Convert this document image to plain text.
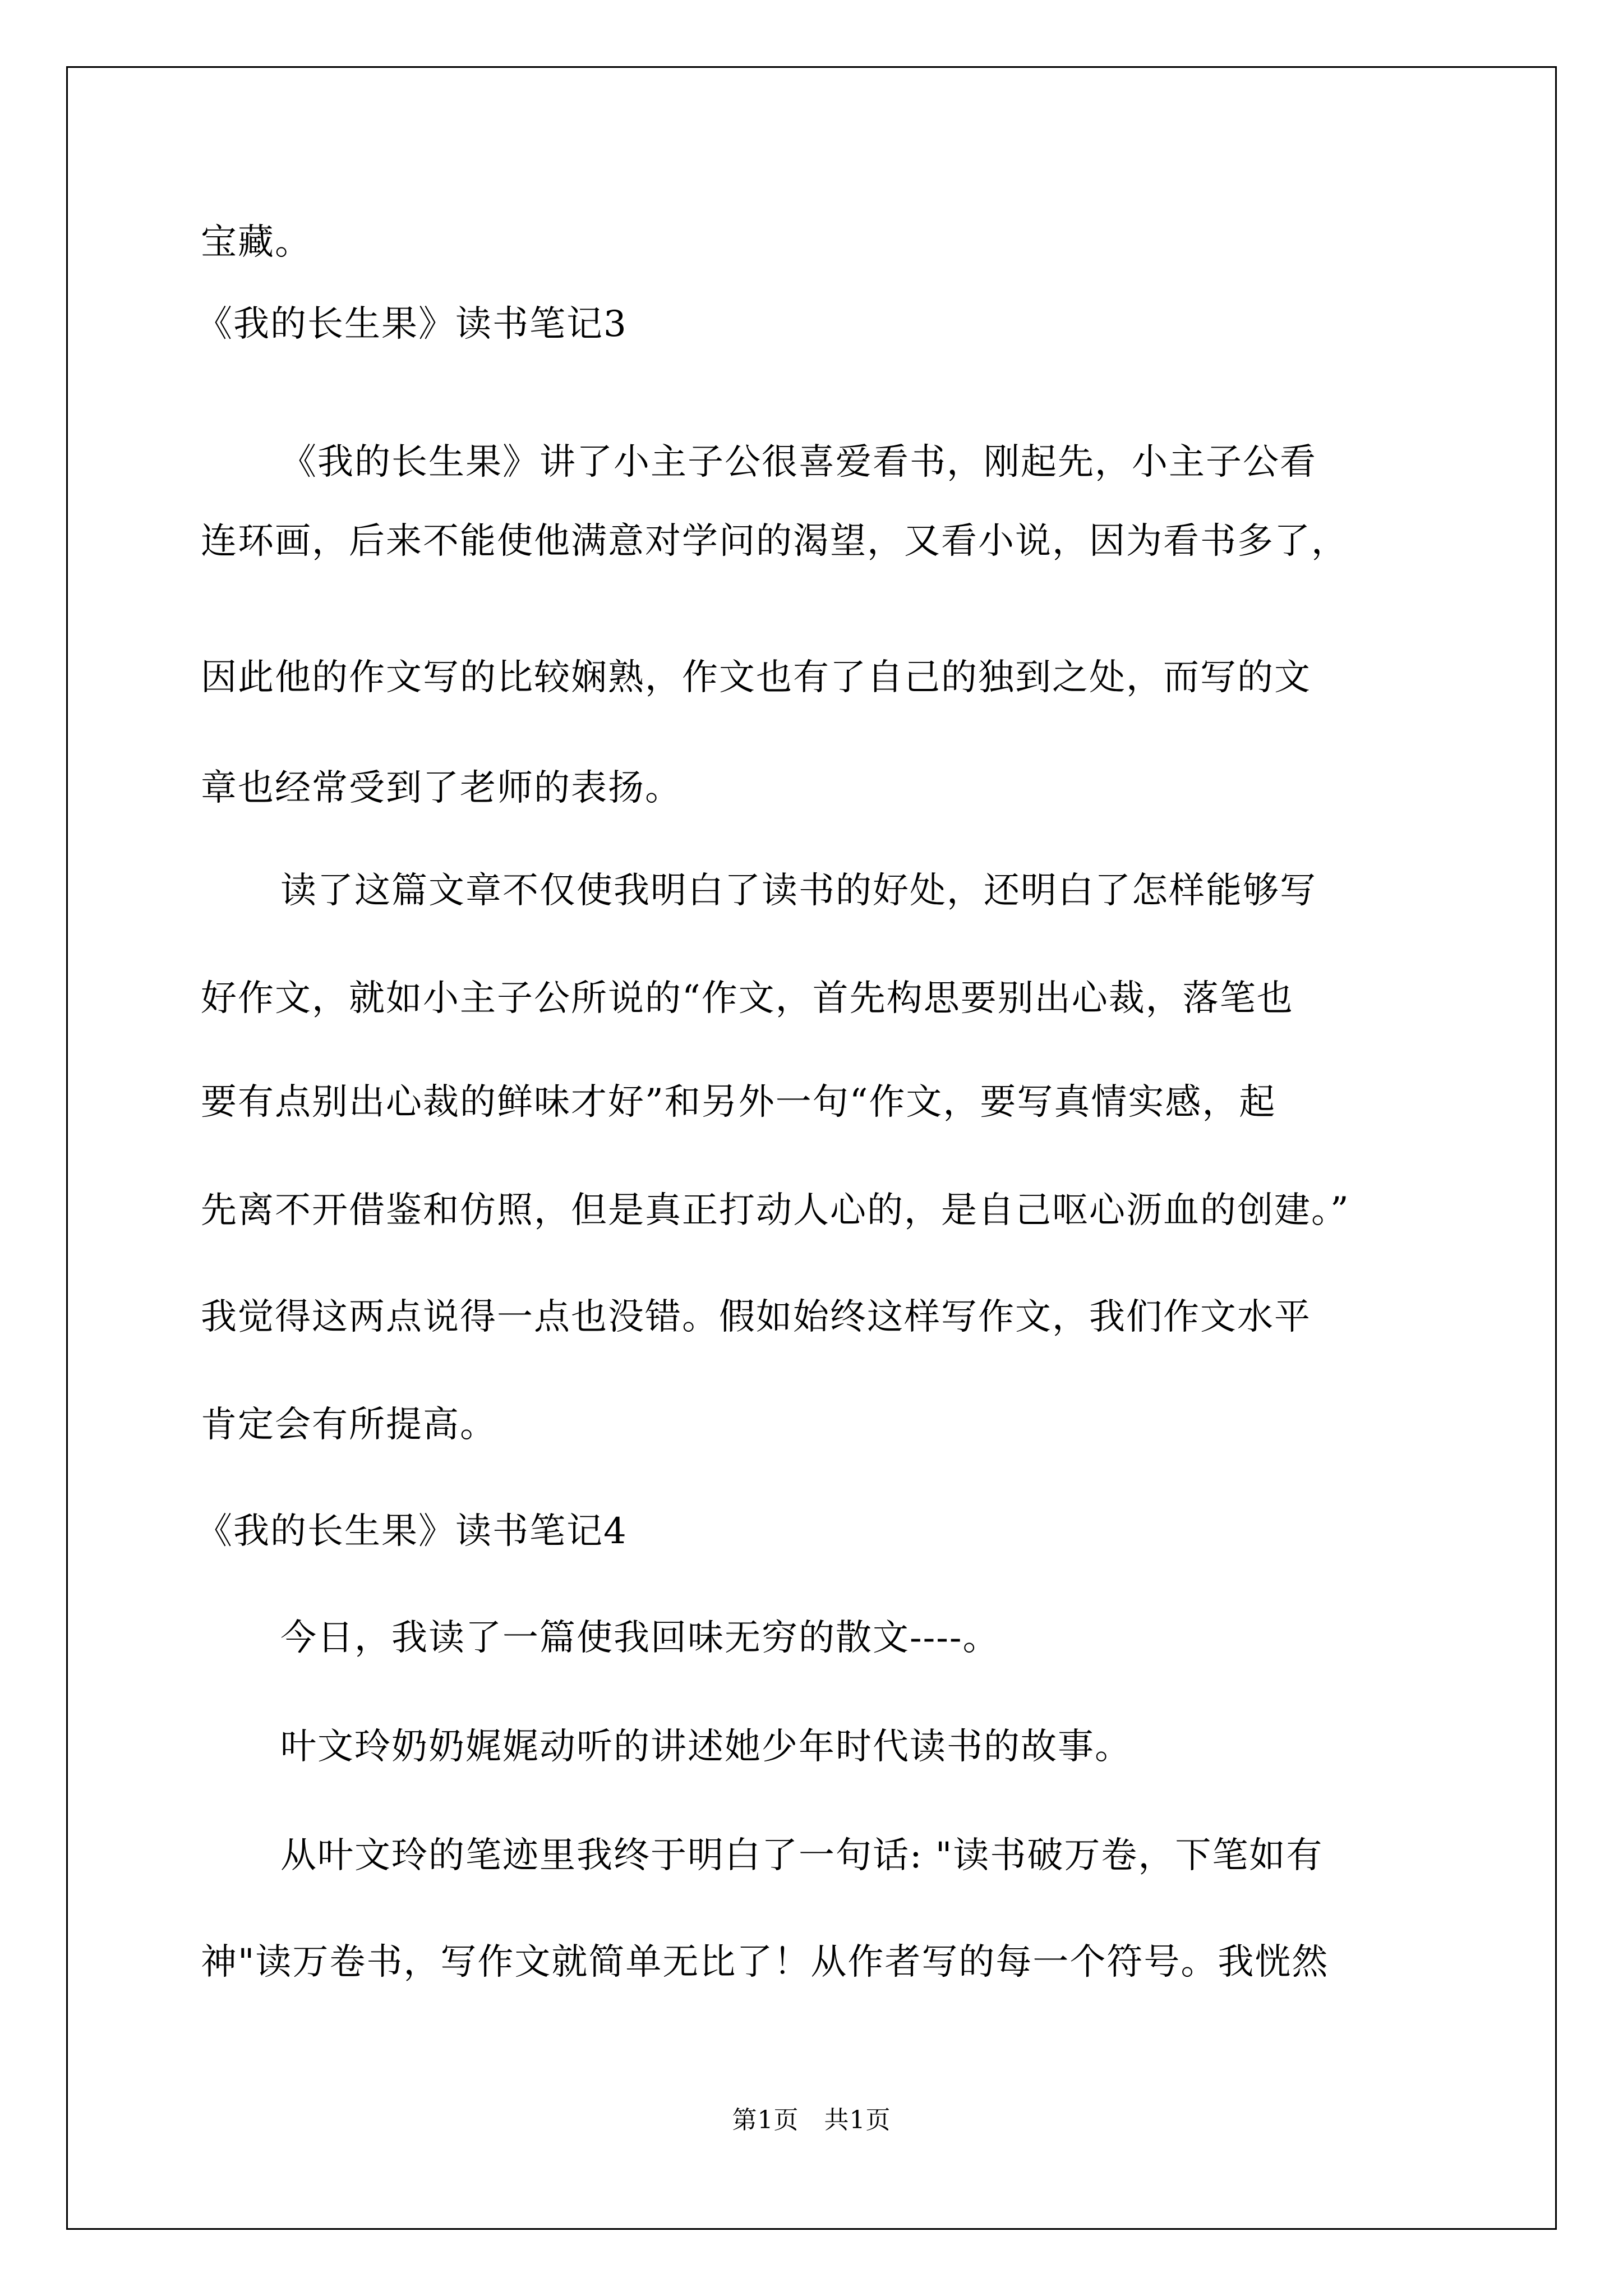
宝藏。
《我的长生果》读书笔记3
《我的长生果》讲了小主子公很喜爱看书，刚起先，小主子公看
连环画，后来不能使他满意对学问的渴望，又看小说，因为看书多了，
因此他的作文写的比较娴熟，作文也有了自己的独到之处，而写的文
章也经常受到了老师的表扬。
读了这篇文章不仅使我明白了读书的好处，还明白了怎样能够写
好作文，就如小主子公所说的“作文，首先构思要别出心裁，落笔也
要有点别出心裁的鲜味才好”和另外一句“作文，要写真情实感，起
先离不开借鉴和仿照，但是真正打动人心的，是自己呕心沥血的创建。”
我觉得这两点说得一点也没错。假如始终这样写作文，我们作文水平
肯定会有所提高。
《我的长生果》读书笔记4
今日，我读了一篇使我回味无穷的散文----。
叶文玲奶奶娓娓动听的讲述她少年时代读书的故事。
从叶文玲的笔迹里我终于明白了一句话: "读书破万卷，下笔如有
神"读万卷书，写作文就简单无比了！从作者写的每一个符号。我恍然
第1页　共1页
